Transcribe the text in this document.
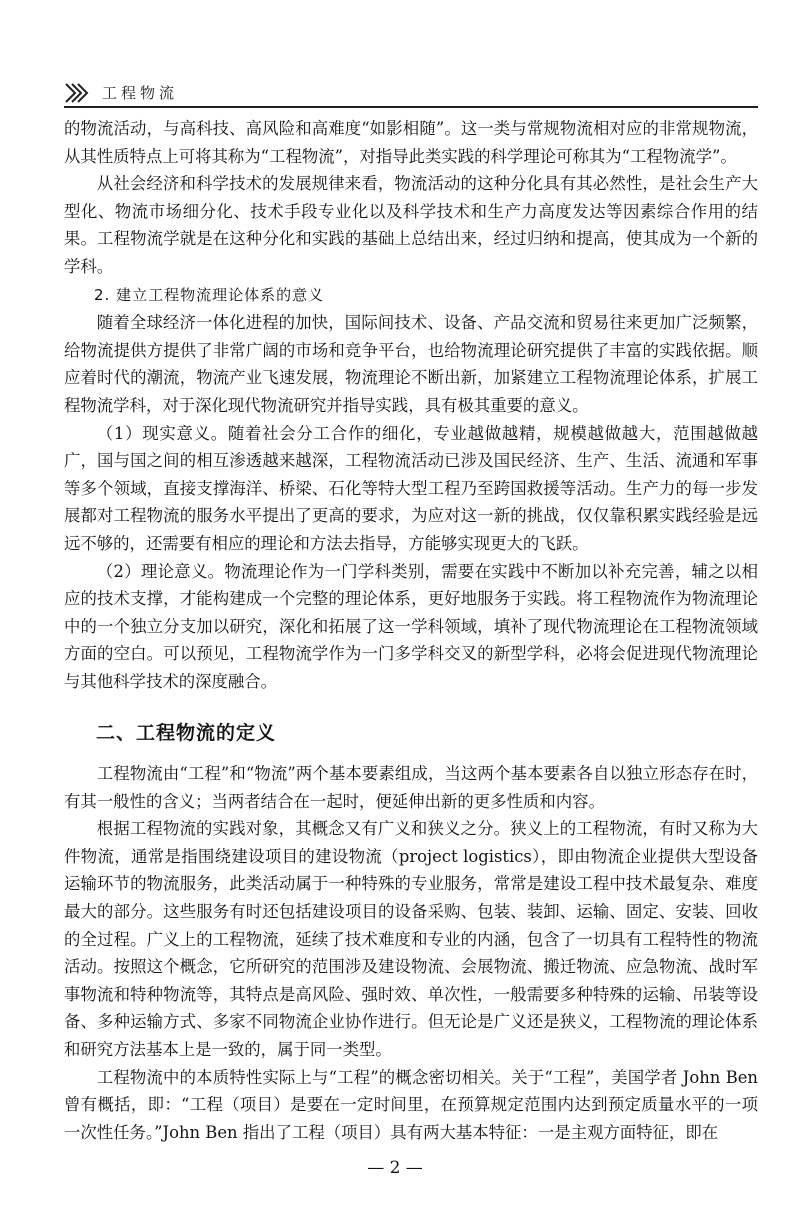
工程物流

的物流活动，与高科技、高风险和高难度“如影相随”。这一类与常规物流相对应的非常规物流，从其性质特点上可将其称为“工程物流”，对指导此类实践的科学理论可称其为“工程物流学”。

从社会经济和科学技术的发展规律来看，物流活动的这种分化具有其必然性，是社会生产大型化、物流市场细分化、技术手段专业化以及科学技术和生产力高度发达等因素综合作用的结果。工程物流学就是在这种分化和实践的基础上总结出来，经过归纳和提高，使其成为一个新的学科。

2. 建立工程物流理论体系的意义

随着全球经济一体化进程的加快，国际间技术、设备、产品交流和贸易往来更加广泛频繁，给物流提供方提供了非常广阔的市场和竞争平台，也给物流理论研究提供了丰富的实践依据。顺应着时代的潮流，物流产业飞速发展，物流理论不断出新，加紧建立工程物流理论体系，扩展工程物流学科，对于深化现代物流研究并指导实践，具有极其重要的意义。

（1）现实意义。随着社会分工合作的细化，专业越做越精，规模越做越大，范围越做越广，国与国之间的相互渗透越来越深，工程物流活动已涉及国民经济、生产、生活、流通和军事等多个领域，直接支撑海洋、桥梁、石化等特大型工程乃至跨国救援等活动。生产力的每一步发展都对工程物流的服务水平提出了更高的要求，为应对这一新的挑战，仅仅靠积累实践经验是远远不够的，还需要有相应的理论和方法去指导，方能够实现更大的飞跃。

（2）理论意义。物流理论作为一门学科类别，需要在实践中不断加以补充完善，辅之以相应的技术支撑，才能构建成一个完整的理论体系，更好地服务于实践。将工程物流作为物流理论中的一个独立分支加以研究，深化和拓展了这一学科领域，填补了现代物流理论在工程物流领域方面的空白。可以预见，工程物流学作为一门多学科交叉的新型学科，必将会促进现代物流理论与其他科学技术的深度融合。

二、工程物流的定义

工程物流由“工程”和“物流”两个基本要素组成，当这两个基本要素各自以独立形态存在时，有其一般性的含义；当两者结合在一起时，便延伸出新的更多性质和内容。

根据工程物流的实践对象，其概念又有广义和狭义之分。狭义上的工程物流，有时又称为大件物流，通常是指围绕建设项目的建设物流（project logistics），即由物流企业提供大型设备运输环节的物流服务，此类活动属于一种特殊的专业服务，常常是建设工程中技术最复杂、难度最大的部分。这些服务有时还包括建设项目的设备采购、包装、装卸、运输、固定、安装、回收的全过程。广义上的工程物流，延续了技术难度和专业的内涵，包含了一切具有工程特性的物流活动。按照这个概念，它所研究的范围涉及建设物流、会展物流、搬迁物流、应急物流、战时军事物流和特种物流等，其特点是高风险、强时效、单次性，一般需要多种特殊的运输、吊装等设备、多种运输方式、多家不同物流企业协作进行。但无论是广义还是狭义，工程物流的理论体系和研究方法基本上是一致的，属于同一类型。

工程物流中的本质特性实际上与“工程”的概念密切相关。关于“工程”，美国学者 John Ben 曾有概括，即：“工程（项目）是要在一定时间里，在预算规定范围内达到预定质量水平的一项一次性任务。”John Ben 指出了工程（项目）具有两大基本特征：一是主观方面特征，即在

— 2 —
